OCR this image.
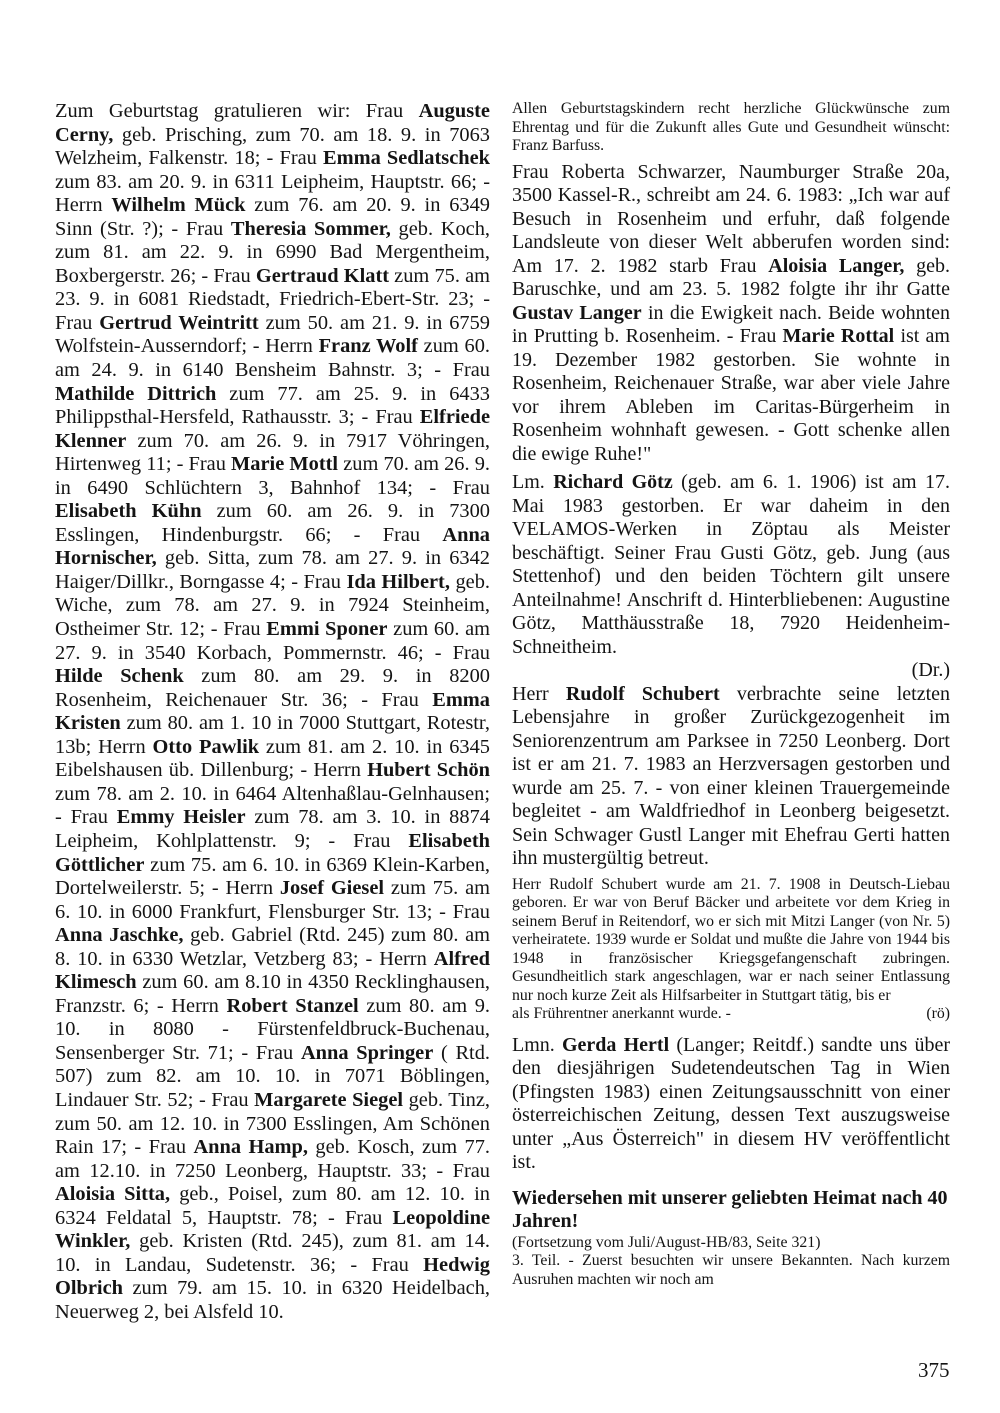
Zum Geburtstag gratulieren wir: Frau Auguste Cerny, geb. Prisching, zum 70. am 18. 9. in 7063 Welzheim, Falkenstr. 18; - Frau Emma Sedlatschek zum 83. am 20. 9. in 6311 Leipheim, Hauptstr. 66; - Herrn Wilhelm Mück zum 76. am 20. 9. in 6349 Sinn (Str. ?); - Frau Theresia Sommer, geb. Koch, zum 81. am 22. 9. in 6990 Bad Mergentheim, Boxbergerstr. 26; - Frau Gertraud Klatt zum 75. am 23. 9. in 6081 Riedstadt, Friedrich-Ebert-Str. 23; - Frau Gertrud Weintritt zum 50. am 21. 9. in 6759 Wolfstein-Ausserndorf; - Herrn Franz Wolf zum 60. am 24. 9. in 6140 Bensheim Bahnstr. 3; - Frau Mathilde Dittrich zum 77. am 25. 9. in 6433 Philippsthal-Hersfeld, Rathausstr. 3; - Frau Elfriede Klenner zum 70. am 26. 9. in 7917 Vöhringen, Hirtenweg 11; - Frau Marie Mottl zum 70. am 26. 9. in 6490 Schlüchtern 3, Bahnhof 134; - Frau Elisabeth Kühn zum 60. am 26. 9. in 7300 Esslingen, Hindenburgstr. 66; - Frau Anna Hornischer, geb. Sitta, zum 78. am 27. 9. in 6342 Haiger/Dillkr., Borngasse 4; - Frau Ida Hilbert, geb. Wiche, zum 78. am 27. 9. in 7924 Steinheim, Ostheimer Str. 12; - Frau Emmi Sponer zum 60. am 27. 9. in 3540 Korbach, Pommernstr. 46; - Frau Hilde Schenk zum 80. am 29. 9. in 8200 Rosenheim, Reichenauer Str. 36; - Frau Emma Kristen zum 80. am 1. 10 in 7000 Stuttgart, Rotestr, 13b; Herrn Otto Pawlik zum 81. am 2. 10. in 6345 Eibelshausen üb. Dillenburg; - Herrn Hubert Schön zum 78. am 2. 10. in 6464 Altenhaßlau-Gelnhausen; - Frau Emmy Heisler zum 78. am 3. 10. in 8874 Leipheim, Kohlplattenstr. 9; - Frau Elisabeth Göttlicher zum 75. am 6. 10. in 6369 Klein-Karben, Dortelweilerstr. 5; - Herrn Josef Giesel zum 75. am 6. 10. in 6000 Frankfurt, Flensburger Str. 13; - Frau Anna Jaschke, geb. Gabriel (Rtd. 245) zum 80. am 8. 10. in 6330 Wetzlar, Vetzberg 83; - Herrn Alfred Klimesch zum 60. am 8.10 in 4350 Recklinghausen, Franzstr. 6; - Herrn Robert Stanzel zum 80. am 9. 10. in 8080 - Fürstenfeldbruck-Buchenau, Sensenberger Str. 71; - Frau Anna Springer ( Rtd. 507) zum 82. am 10. 10. in 7071 Böblingen, Lindauer Str. 52; - Frau Margarete Siegel geb. Tinz, zum 50. am 12. 10. in 7300 Esslingen, Am Schönen Rain 17; - Frau Anna Hamp, geb. Kosch, zum 77. am 12.10. in 7250 Leonberg, Hauptstr. 33; - Frau Aloisia Sitta, geb., Poisel, zum 80. am 12. 10. in 6324 Feldatal 5, Hauptstr. 78; - Frau Leopoldine Winkler, geb. Kristen (Rtd. 245), zum 81. am 14. 10. in Landau, Sudetenstr. 36; - Frau Hedwig Olbrich zum 79. am 15. 10. in 6320 Heidelbach, Neuerweg 2, bei Alsfeld 10.

Allen Geburtstagskindern recht herzliche Glückwünsche zum Ehrentag und für die Zukunft alles Gute und Gesundheit wünscht: Franz Barfuss.

Frau Roberta Schwarzer, Naumburger Straße 20a, 3500 Kassel-R., schreibt am 24. 6. 1983: „Ich war auf Besuch in Rosenheim und erfuhr, daß folgende Landsleute von dieser Welt abberufen worden sind: Am 17. 2. 1982 starb Frau Aloisia Langer, geb. Baruschke, und am 23. 5. 1982 folgte ihr ihr Gatte Gustav Langer in die Ewigkeit nach. Beide wohnten in Prutting b. Rosenheim. - Frau Marie Rottal ist am 19. Dezember 1982 gestorben. Sie wohnte in Rosenheim, Reichenauer Straße, war aber viele Jahre vor ihrem Ableben im Caritas-Bürgerheim in Rosenheim wohnhaft gewesen. - Gott schenke allen die ewige Ruhe!"

Lm. Richard Götz (geb. am 6. 1. 1906) ist am 17. Mai 1983 gestorben. Er war daheim in den VELAMOS-Werken in Zöptau als Meister beschäftigt. Seiner Frau Gusti Götz, geb. Jung (aus Stettenhof) und den beiden Töchtern gilt unsere Anteilnahme! Anschrift d. Hinterbliebenen: Augustine Götz, Matthäusstraße 18, 7920 Heidenheim-Schneitheim.

(Dr.)

Herr Rudolf Schubert verbrachte seine letzten Lebensjahre in großer Zurückgezogenheit im Seniorenzentrum am Parksee in 7250 Leonberg. Dort ist er am 21. 7. 1983 an Herzversagen gestorben und wurde am 25. 7. - von einer kleinen Trauergemeinde begleitet - am Waldfriedhof in Leonberg beigesetzt. Sein Schwager Gustl Langer mit Ehefrau Gerti hatten ihn mustergültig betreut.

Herr Rudolf Schubert wurde am 21. 7. 1908 in Deutsch-Liebau geboren. Er war von Beruf Bäcker und arbeitete vor dem Krieg in seinem Beruf in Reitendorf, wo er sich mit Mitzi Langer (von Nr. 5) verheiratete. 1939 wurde er Soldat und mußte die Jahre von 1944 bis 1948 in französischer Kriegsgefangenschaft zubringen. Gesundheitlich stark angeschlagen, war er nach seiner Entlassung nur noch kurze Zeit als Hilfsarbeiter in Stuttgart tätig, bis er

als Frührentner anerkannt wurde. -	(rö)

Lmn. Gerda Hertl (Langer; Reitdf.) sandte uns über den diesjährigen Sudetendeutschen Tag in Wien (Pfingsten 1983) einen Zeitungsausschnitt von einer österreichischen Zeitung, dessen Text auszugsweise unter „Aus Österreich" in diesem HV veröffentlicht ist.

Wiedersehen mit unserer geliebten Heimat nach 40 Jahren!

(Fortsetzung vom Juli/August-HB/83, Seite 321)

3. Teil. - Zuerst besuchten wir unsere Bekannten. Nach kurzem Ausruhen machten wir noch am

375
